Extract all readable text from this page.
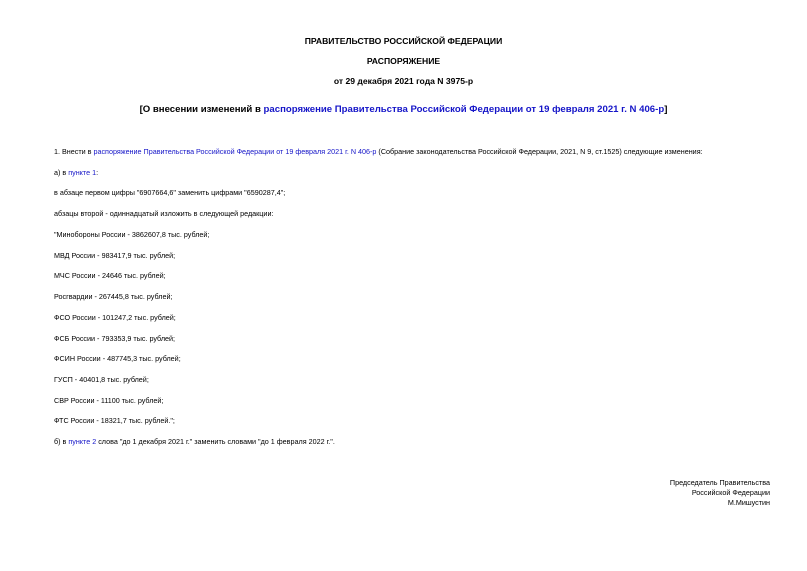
ПРАВИТЕЛЬСТВО РОССИЙСКОЙ ФЕДЕРАЦИИ
РАСПОРЯЖЕНИЕ
от 29 декабря 2021 года N 3975-р
[О внесении изменений в распоряжение Правительства Российской Федерации от 19 февраля 2021 г. N 406-р]
1. Внести в распоряжение Правительства Российской Федерации от 19 февраля 2021 г. N 406-р (Собрание законодательства Российской Федерации, 2021, N 9, ст.1525) следующие изменения:
а) в пункте 1:
в абзаце первом цифры "6907664,6" заменить цифрами "6590287,4";
абзацы второй - одиннадцатый изложить в следующей редакции:
"Минобороны России - 3862607,8 тыс. рублей;
МВД России - 983417,9 тыс. рублей;
МЧС России - 24646 тыс. рублей;
Росгвардии - 267445,8 тыс. рублей;
ФСО России - 101247,2 тыс. рублей;
ФСБ России - 793353,9 тыс. рублей;
ФСИН России - 487745,3 тыс. рублей;
ГУСП - 40401,8 тыс. рублей;
СВР России - 11100 тыс. рублей;
ФТС России - 18321,7 тыс. рублей.";
б) в пункте 2 слова "до 1 декабря 2021 г." заменить словами "до 1 февраля 2022 г.".
Председатель Правительства
Российской Федерации
М.Мишустин
